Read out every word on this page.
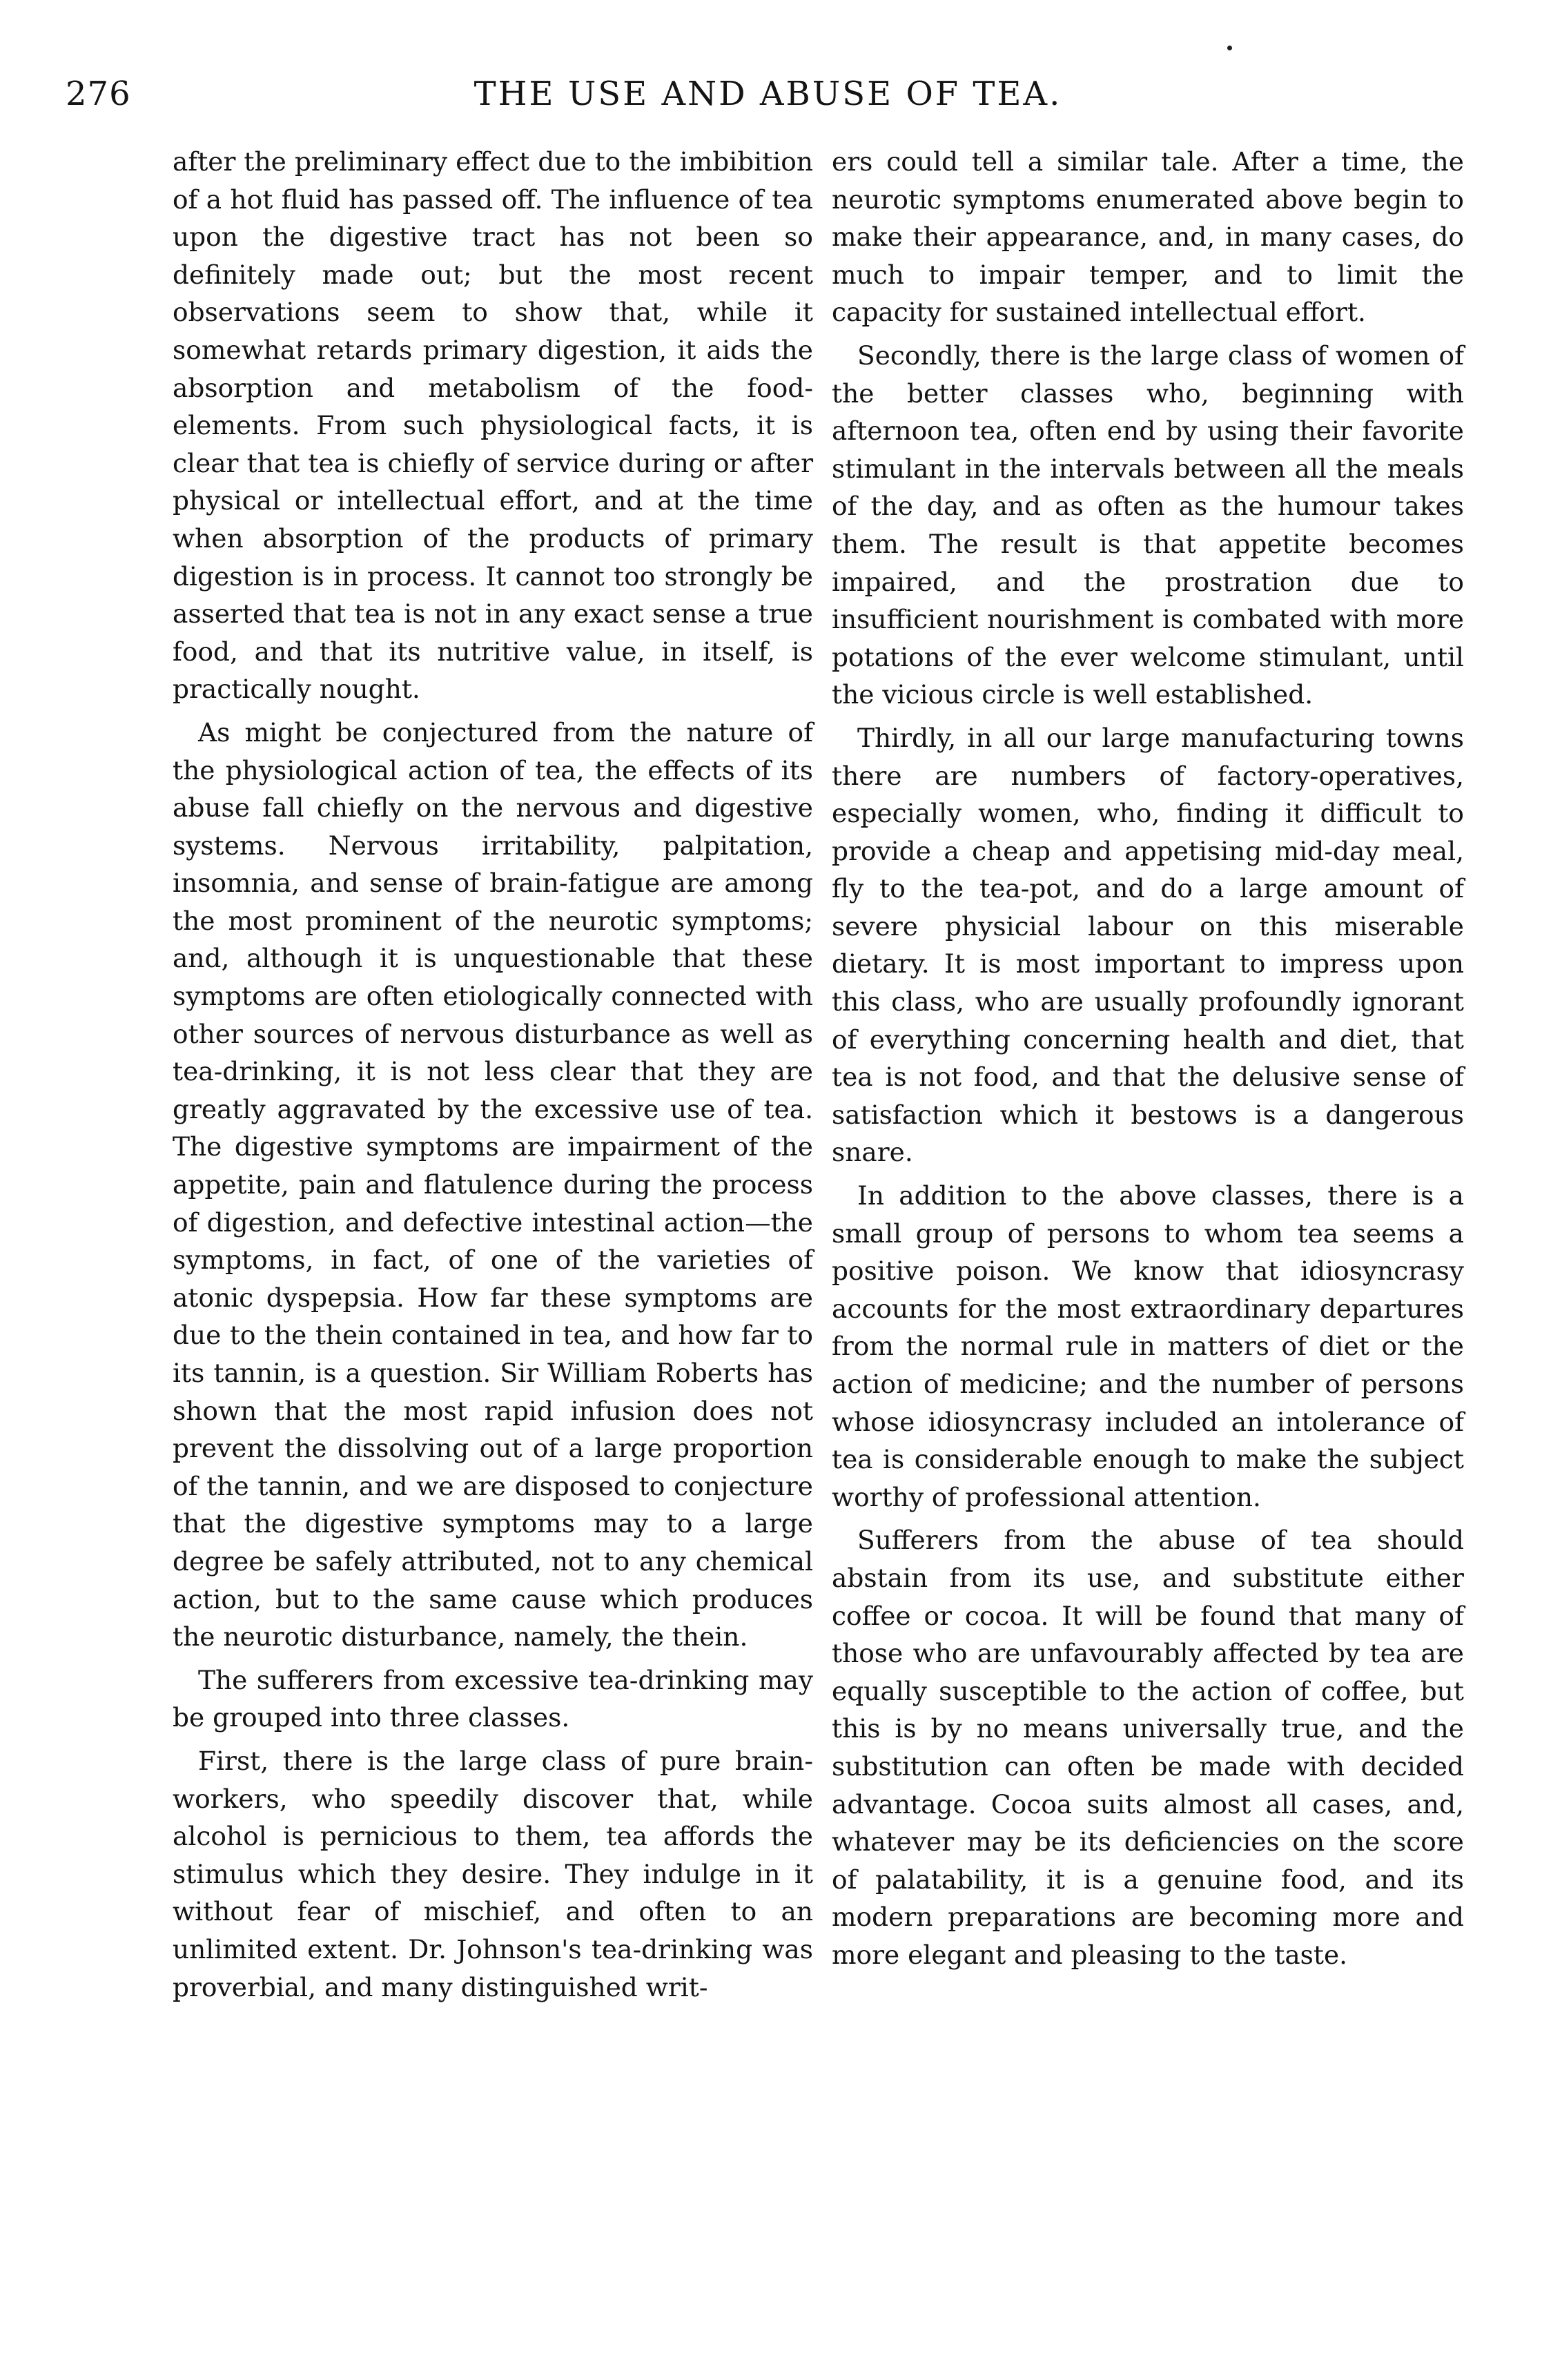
276	THE USE AND ABUSE OF TEA.

after the preliminary effect due to the imbibition of a hot fluid has passed off. The influence of tea upon the digestive tract has not been so definitely made out; but the most recent observations seem to show that, while it somewhat retards primary digestion, it aids the absorption and metabolism of the food-elements. From such physiological facts, it is clear that tea is chiefly of service during or after physical or intellectual effort, and at the time when absorption of the products of primary digestion is in process. It cannot too strongly be asserted that tea is not in any exact sense a true food, and that its nutritive value, in itself, is practically nought.

As might be conjectured from the nature of the physiological action of tea, the effects of its abuse fall chiefly on the nervous and digestive systems. Nervous irritability, palpitation, insomnia, and sense of brain-fatigue are among the most prominent of the neurotic symptoms; and, although it is unquestionable that these symptoms are often etiologically connected with other sources of nervous disturbance as well as tea-drinking, it is not less clear that they are greatly aggravated by the excessive use of tea. The digestive symptoms are impairment of the appetite, pain and flatulence during the process of digestion, and defective intestinal action—the symptoms, in fact, of one of the varieties of atonic dyspepsia. How far these symptoms are due to the thein contained in tea, and how far to its tannin, is a question. Sir William Roberts has shown that the most rapid infusion does not prevent the dissolving out of a large proportion of the tannin, and we are disposed to conjecture that the digestive symptoms may to a large degree be safely attributed, not to any chemical action, but to the same cause which produces the neurotic disturbance, namely, the thein.

The sufferers from excessive tea-drinking may be grouped into three classes.

First, there is the large class of pure brain-workers, who speedily discover that, while alcohol is pernicious to them, tea affords the stimulus which they desire. They indulge in it without fear of mischief, and often to an unlimited extent. Dr. Johnson's tea-drinking was proverbial, and many distinguished writ-

ers could tell a similar tale. After a time, the neurotic symptoms enumerated above begin to make their appearance, and, in many cases, do much to impair temper, and to limit the capacity for sustained intellectual effort.

Secondly, there is the large class of women of the better classes who, beginning with afternoon tea, often end by using their favorite stimulant in the intervals between all the meals of the day, and as often as the humour takes them. The result is that appetite becomes impaired, and the prostration due to insufficient nourishment is combated with more potations of the ever welcome stimulant, until the vicious circle is well established.

Thirdly, in all our large manufacturing towns there are numbers of factory-operatives, especially women, who, finding it difficult to provide a cheap and appetising mid-day meal, fly to the tea-pot, and do a large amount of severe physicial labour on this miserable dietary. It is most important to impress upon this class, who are usually profoundly ignorant of everything concerning health and diet, that tea is not food, and that the delusive sense of satisfaction which it bestows is a dangerous snare.

In addition to the above classes, there is a small group of persons to whom tea seems a positive poison. We know that idiosyncrasy accounts for the most extraordinary departures from the normal rule in matters of diet or the action of medicine; and the number of persons whose idiosyncrasy included an intolerance of tea is considerable enough to make the subject worthy of professional attention.

Sufferers from the abuse of tea should abstain from its use, and substitute either coffee or cocoa. It will be found that many of those who are unfavourably affected by tea are equally susceptible to the action of coffee, but this is by no means universally true, and the substitution can often be made with decided advantage. Cocoa suits almost all cases, and, whatever may be its deficiencies on the score of palatability, it is a genuine food, and its modern preparations are becoming more and more elegant and pleasing to the taste.
